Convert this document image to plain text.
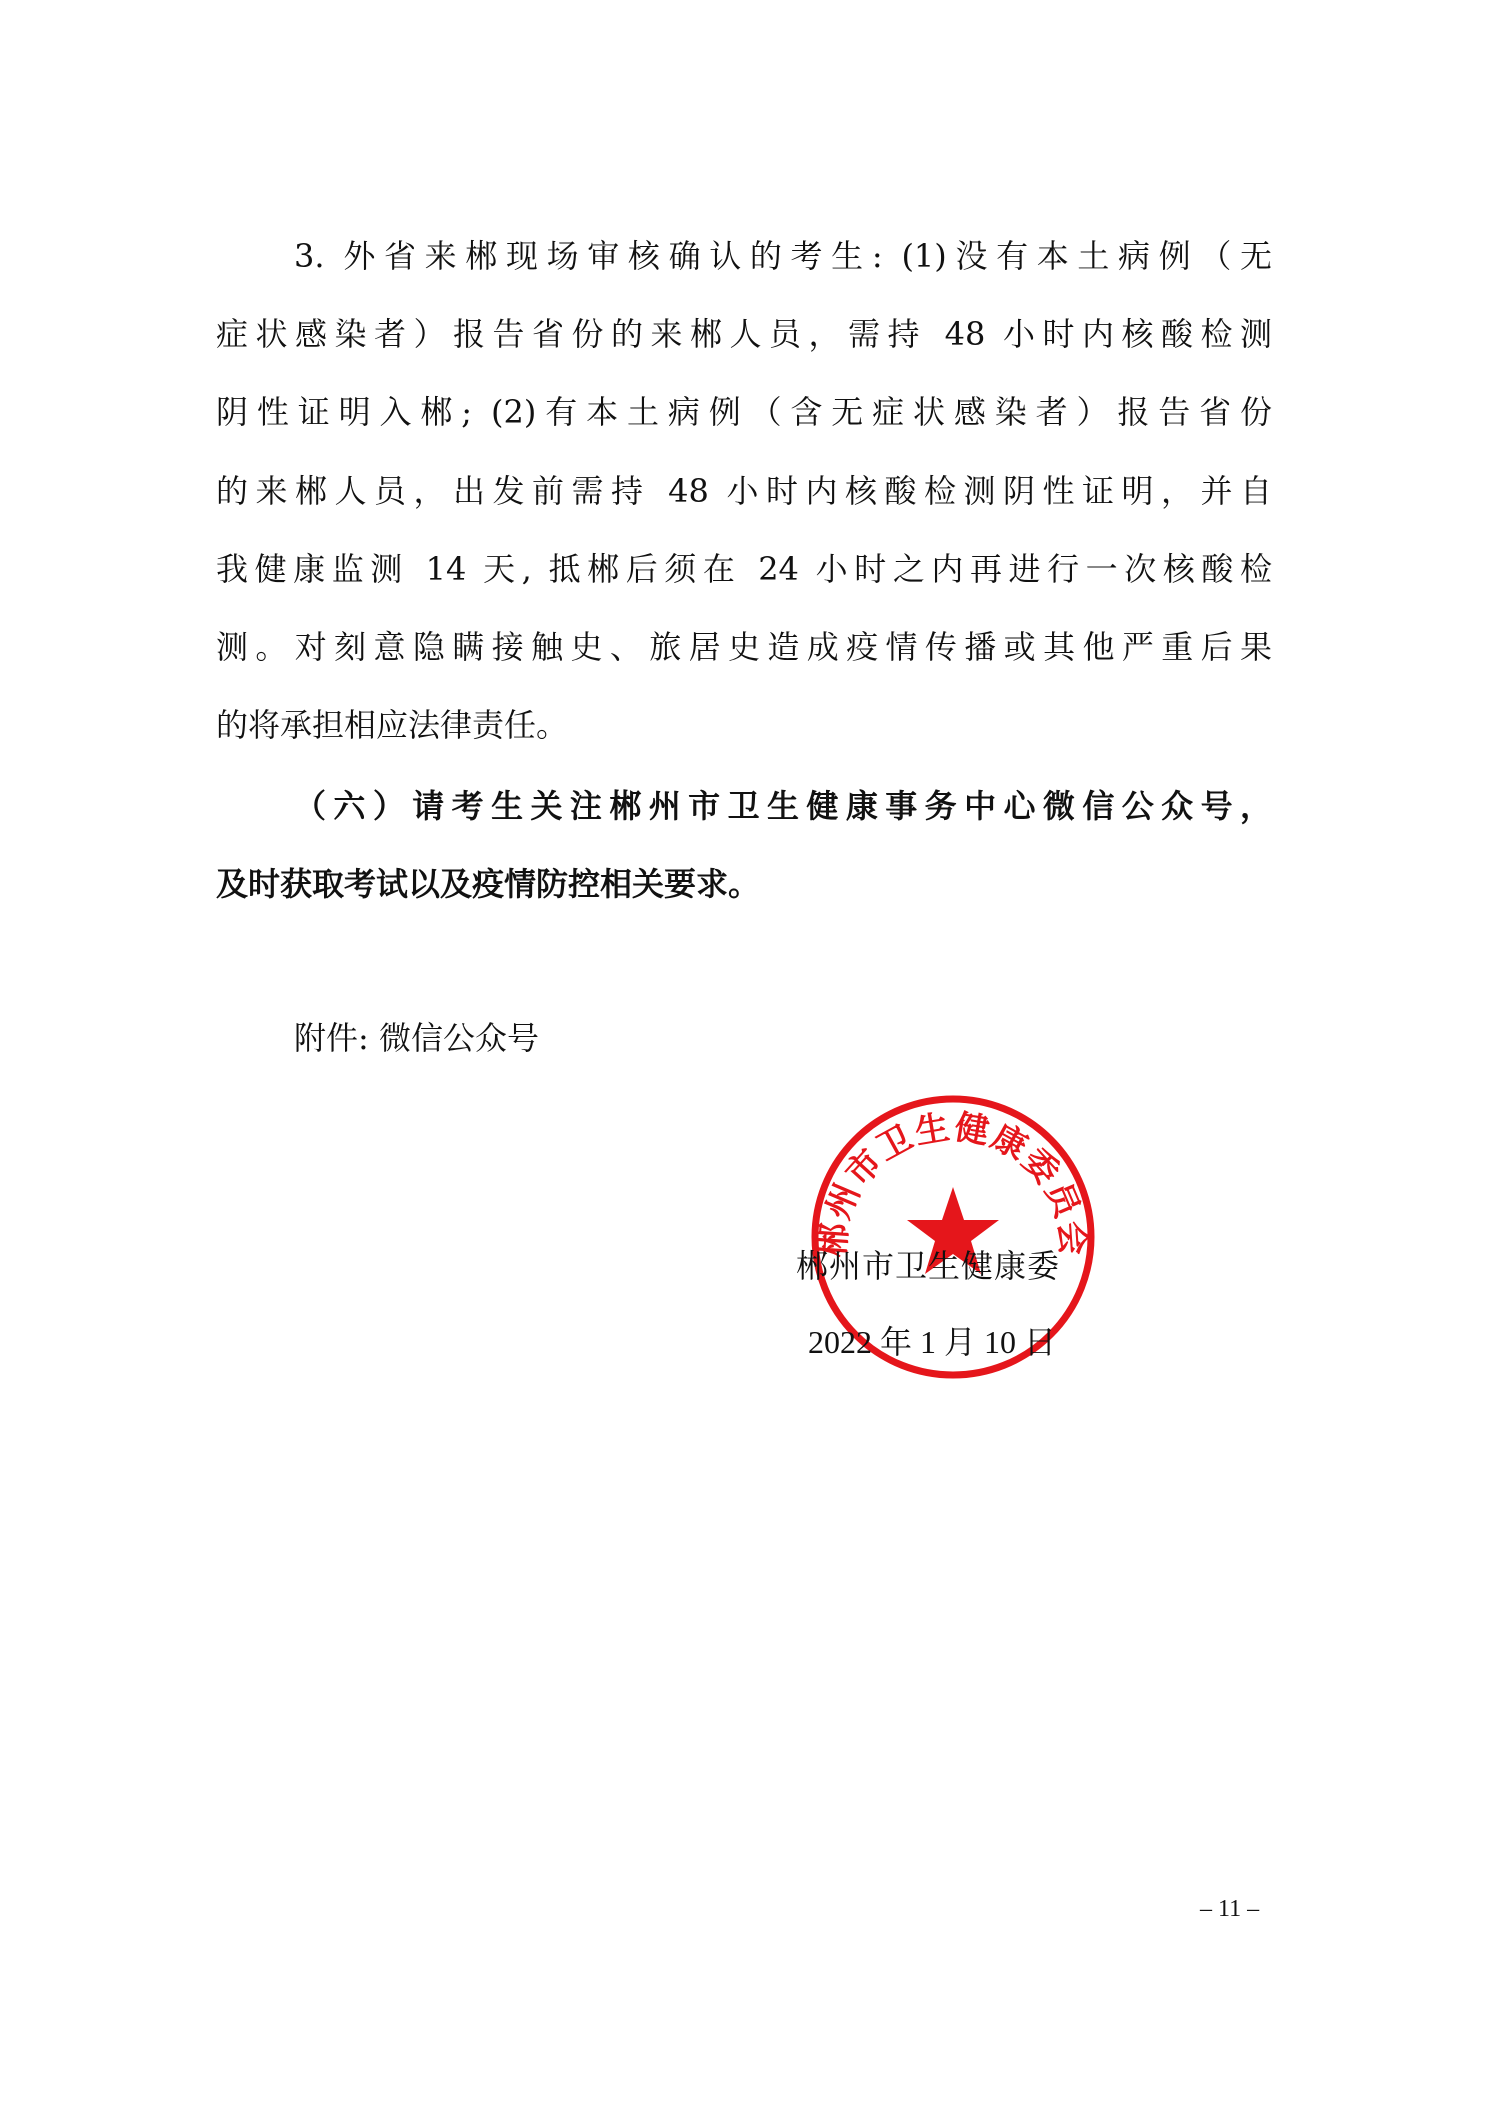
3. 外省来郴现场审核确认的考生: (1)没有本土病例（无
症状感染者）报告省份的来郴人员，需持 48 小时内核酸检测
阴性证明入郴; (2)有本土病例（含无症状感染者）报告省份
的来郴人员，出发前需持 48 小时内核酸检测阴性证明，并自
我健康监测 14 天, 抵郴后须在 24 小时之内再进行一次核酸检
测。对刻意隐瞒接触史、旅居史造成疫情传播或其他严重后果
的将承担相应法律责任。
（六）请考生关注郴州市卫生健康事务中心微信公众号，
及时获取考试以及疫情防控相关要求。
附件: 微信公众号
郴州市卫生健康委员会
郴州市卫生健康委
2022 年 1 月 10 日
– 11 –
